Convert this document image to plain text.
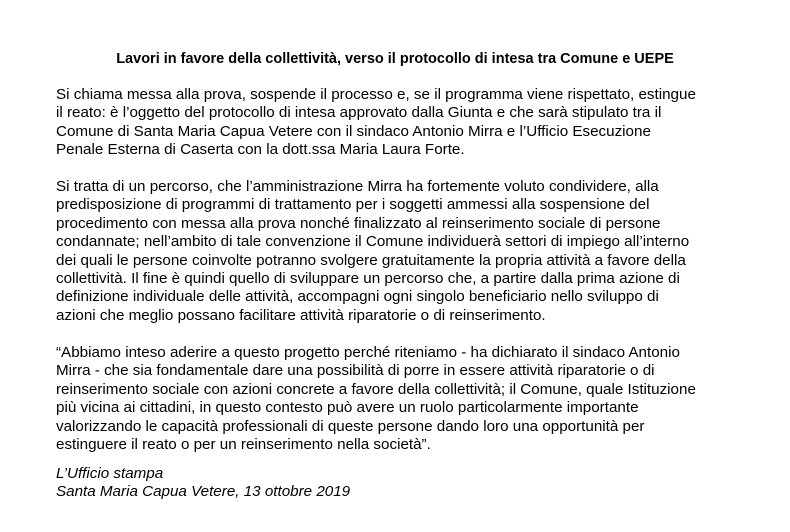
Lavori in favore della collettività, verso il protocollo di intesa tra Comune e UEPE
Si chiama messa alla prova, sospende il processo e, se il programma viene rispettato, estingue
il reato: è l’oggetto del protocollo di intesa approvato dalla Giunta e che sarà stipulato tra il
Comune di Santa Maria Capua Vetere con il sindaco Antonio Mirra e l’Ufficio Esecuzione
Penale Esterna di Caserta con la dott.ssa Maria Laura Forte.
Si tratta di un percorso, che l’amministrazione Mirra ha fortemente voluto condividere, alla
predisposizione di programmi di trattamento per i soggetti ammessi alla sospensione del
procedimento con messa alla prova nonché finalizzato al reinserimento sociale di persone
condannate; nell’ambito di tale convenzione il Comune individuerà settori di impiego all’interno
dei quali le persone coinvolte potranno svolgere gratuitamente la propria attività a favore della
collettività. Il fine è quindi quello di sviluppare un percorso che, a partire dalla prima azione di
definizione individuale delle attività, accompagni ogni singolo beneficiario nello sviluppo di
azioni che meglio possano facilitare attività riparatorie o di reinserimento.
“Abbiamo inteso aderire a questo progetto perché riteniamo - ha dichiarato il sindaco Antonio
Mirra - che sia fondamentale dare una possibilità di porre in essere attività riparatorie o di
reinserimento sociale con azioni concrete a favore della collettività; il Comune, quale Istituzione
più vicina ai cittadini, in questo contesto può avere un ruolo particolarmente importante
valorizzando le capacità professionali di queste persone dando loro una opportunità per
estinguere il reato o per un reinserimento nella società”.
L’Ufficio stampa
Santa Maria Capua Vetere, 13 ottobre 2019
